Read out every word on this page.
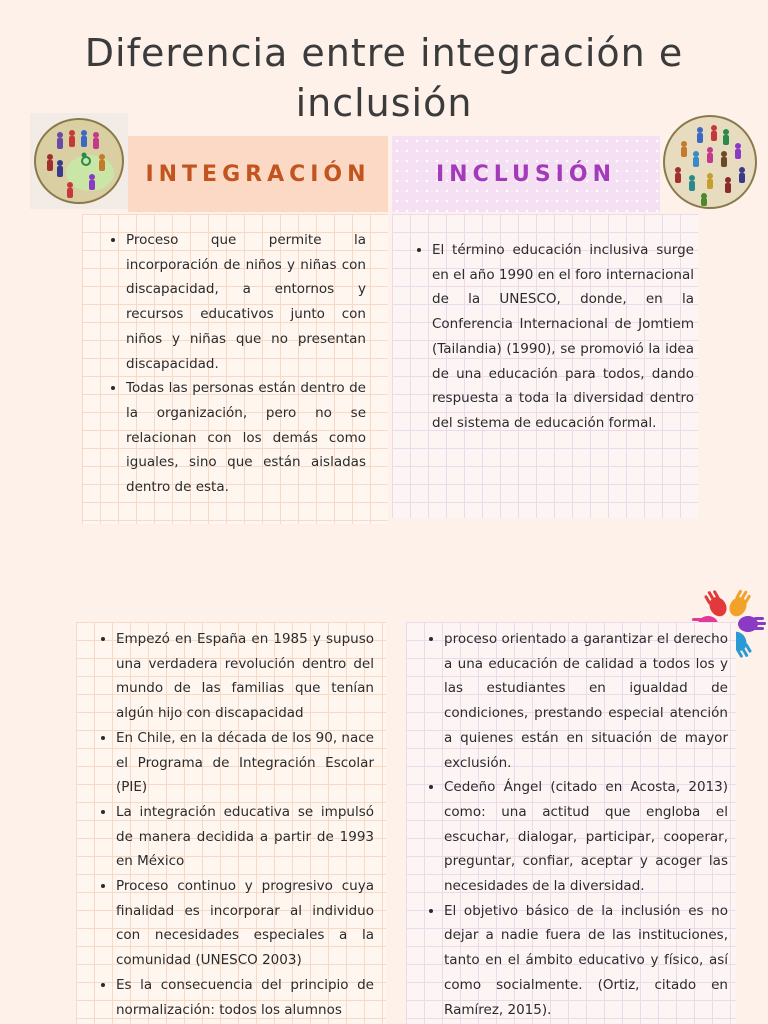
Diferencia entre integración e inclusión
INTEGRACIÓN	INCLUSIÓN
• Proceso que permite la incorporación de niños y niñas con discapacidad, a entornos y recursos educativos junto con niños y niñas que no presentan discapacidad.
• Todas las personas están dentro de la organización, pero no se relacionan con los demás como iguales, sino que están aisladas dentro de esta.
• El término educación inclusiva surge en el año 1990 en el foro internacional de la UNESCO, donde, en la Conferencia Internacional de Jomtiem (Tailandia) (1990), se promovió la idea de una educación para todos, dando respuesta a toda la diversidad dentro del sistema de educación formal.
• Empezó en España en 1985 y supuso una verdadera revolución dentro del mundo de las familias que tenían algún hijo con discapacidad
• En Chile, en la década de los 90, nace el Programa de Integración Escolar (PIE)
• La integración educativa se impulsó de manera decidida a partir de 1993 en México
• Proceso continuo y progresivo cuya finalidad es incorporar al individuo con necesidades especiales a la comunidad (UNESCO 2003)
• Es la consecuencia del principio de normalización: todos los alumnos
• proceso orientado a garantizar el derecho a una educación de calidad a todos los y las estudiantes en igualdad de condiciones, prestando especial atención a quienes están en situación de mayor exclusión.
• Cedeño Ángel (citado en Acosta, 2013) como: una actitud que engloba el escuchar, dialogar, participar, cooperar, preguntar, confiar, aceptar y acoger las necesidades de la diversidad.
• El objetivo básico de la inclusión es no dejar a nadie fuera de las instituciones, tanto en el ámbito educativo y físico, así como socialmente. (Ortiz, citado en Ramírez, 2015).
